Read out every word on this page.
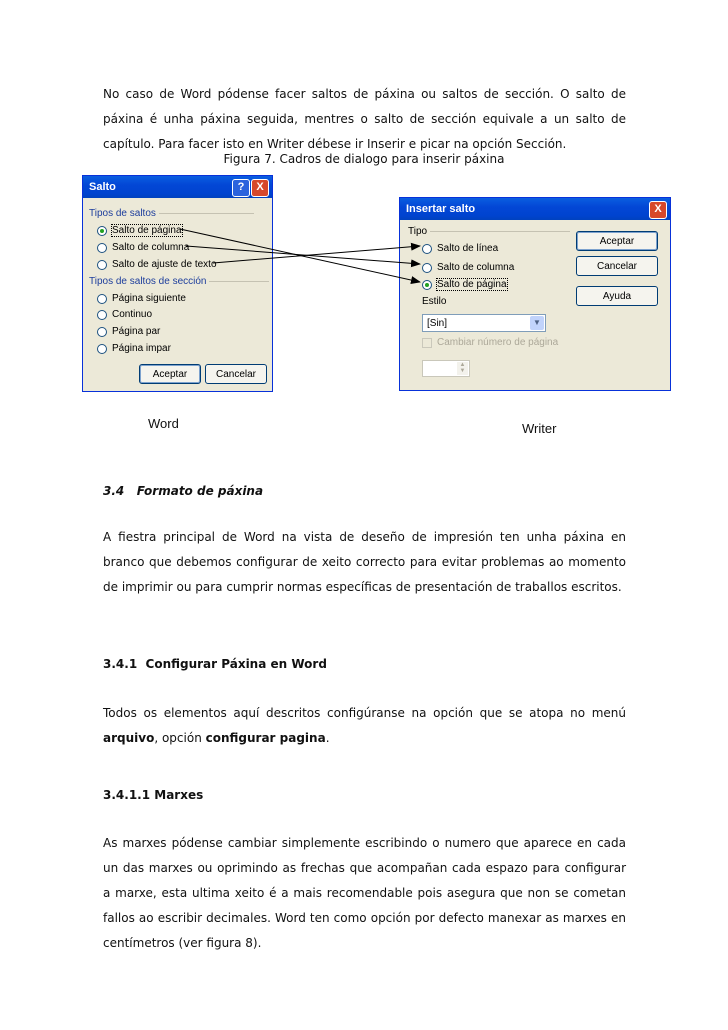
No caso de Word pódense facer saltos de páxina ou saltos de sección. O salto de páxina é unha páxina seguida, mentres o salto de sección equivale a un salto de capítulo. Para facer isto en Writer débese ir Inserir e picar na opción Sección.
Figura 7. Cadros de dialogo para inserir páxina
Salto	?	X
Tipos de saltos
Salto de página
Salto de columna
Salto de ajuste de texto
Tipos de saltos de sección
Página siguiente
Continuo
Página par
Página impar
Aceptar	Cancelar
Insertar salto	X
Tipo
Salto de línea
Salto de columna
Salto de página
Estilo
[Sin]	▼
Cambiar número de página
▲
▼
Aceptar
Cancelar
Ayuda
Word	Writer
3.4   Formato de páxina
A fiestra principal de Word na vista de deseño de impresión ten unha páxina en branco que debemos configurar de xeito correcto para evitar problemas ao momento de imprimir ou para cumprir normas específicas de presentación de traballos escritos.
3.4.1  Configurar Páxina en Word
Todos os elementos aquí descritos configúranse na opción que se atopa no menú arquivo, opción configurar pagina.
3.4.1.1 Marxes
As marxes pódense cambiar simplemente escribindo o numero que aparece en cada un das marxes ou oprimindo as frechas que acompañan cada espazo para configurar a marxe, esta ultima xeito é a mais recomendable pois asegura que non se cometan fallos ao escribir decimales. Word ten como opción por defecto manexar as marxes en centímetros (ver figura 8).
